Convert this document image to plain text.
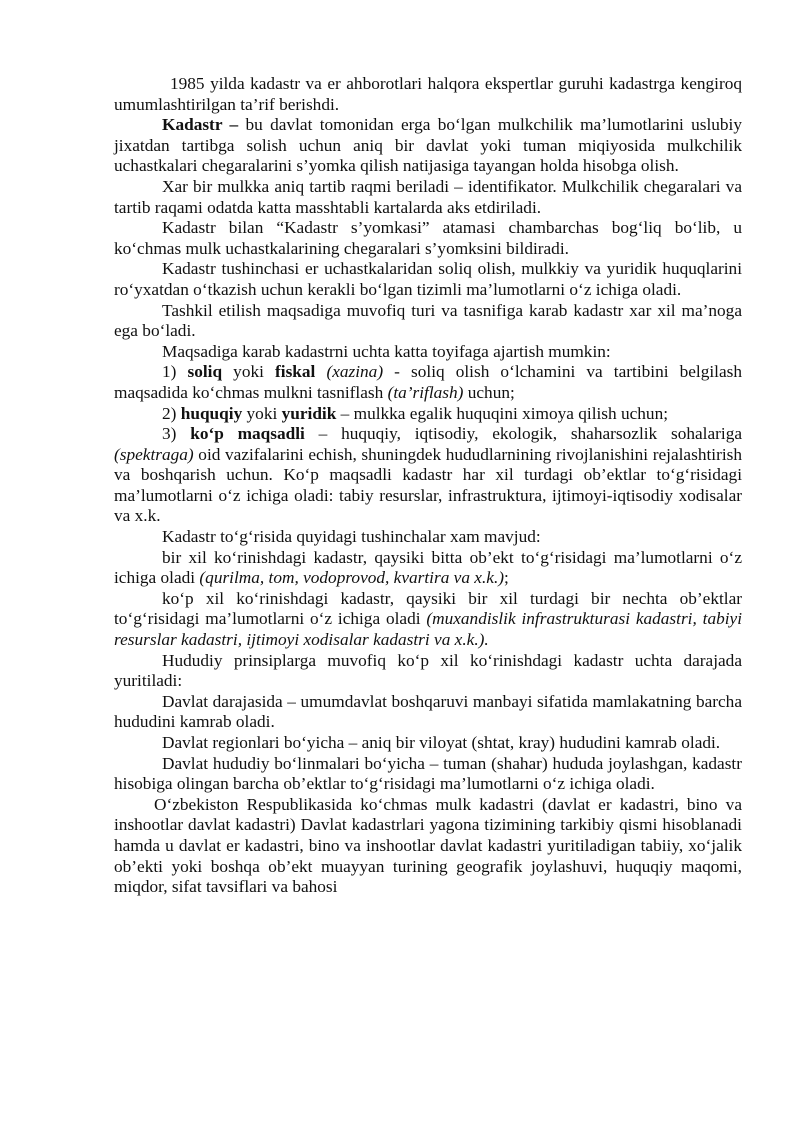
1985 yilda kadastr va er ahborotlari halqora ekspertlar guruhi kadastrga kengiroq umumlashtirilgan ta’rif berishdi.

Kadastr – bu davlat tomonidan erga bo‘lgan mulkchilik ma’lumotlarini uslubiy jixatdan tartibga solish uchun aniq bir davlat yoki tuman miqiyosida mulkchilik uchastkalari chegaralarini s’yomka qilish natijasiga tayangan holda hisobga olish.

Xar bir mulkka aniq tartib raqmi beriladi – identifikator. Mulkchilik chegaralari va tartib raqami odatda katta masshtabli kartalarda aks etdiriladi.

Kadastr bilan “Kadastr s’yomkasi” atamasi chambarchas bog‘liq bo‘lib, u ko‘chmas mulk uchastkalarining chegaralari s’yomksini bildiradi.

Kadastr tushinchasi er uchastkalaridan soliq olish, mulkkiy va yuridik huquqlarini ro‘yxatdan o‘tkazish uchun kerakli bo‘lgan tizimli ma’lumotlarni o‘z ichiga oladi.

Tashkil etilish maqsadiga muvofiq turi va tasnifiga karab kadastr xar xil ma’noga ega bo‘ladi.

Maqsadiga karab kadastrni uchta katta toyifaga ajartish mumkin:

1) soliq yoki fiskal (xazina) - soliq olish o‘lchamini va tartibini belgilash maqsadida ko‘chmas mulkni tasniflash (ta’riflash) uchun;

2) huquqiy yoki yuridik – mulkka egalik huquqini ximoya qilish uchun;

3) ko‘p maqsadli – huquqiy, iqtisodiy, ekologik, shaharsozlik sohalariga (spektraga) oid vazifalarini echish, shuningdek hududlarnining rivojlanishini rejalashtirish va boshqarish uchun. Ko‘p maqsadli kadastr har xil turdagi ob’ektlar to‘g‘risidagi ma’lumotlarni o‘z ichiga oladi: tabiy resurslar, infrastruktura, ijtimoyi-iqtisodiy xodisalar va x.k.

Kadastr to‘g‘risida quyidagi tushinchalar xam mavjud:

bir xil ko‘rinishdagi kadastr, qaysiki bitta ob’ekt to‘g‘risidagi ma’lumotlarni o‘z ichiga oladi (qurilma, tom, vodoprovod, kvartira va x.k.);

ko‘p xil ko‘rinishdagi kadastr, qaysiki bir xil turdagi bir nechta ob’ektlar to‘g‘risidagi ma’lumotlarni o‘z ichiga oladi (muxandislik infrastrukturasi kadastri, tabiyi resurslar kadastri, ijtimoyi xodisalar kadastri va x.k.).

Hududiy prinsiplarga muvofiq ko‘p xil ko‘rinishdagi kadastr uchta darajada yuritiladi:

Davlat darajasida – umumdavlat boshqaruvi manbayi sifatida mamlakatning barcha hududini kamrab oladi.

Davlat regionlari bo‘yicha – aniq bir viloyat (shtat, kray) hududini kamrab oladi.

Davlat hududiy bo‘linmalari bo‘yicha – tuman (shahar) hududa joylashgan, kadastr hisobiga olingan barcha ob’ektlar to‘g‘risidagi ma’lumotlarni o‘z ichiga oladi.

O‘zbekiston Respublikasida ko‘chmas mulk kadastri (davlat er kadastri, bino va inshootlar davlat kadastri) Davlat kadastrlari yagona tizimining tarkibiy qismi hisoblanadi hamda u davlat er kadastri, bino va inshootlar davlat kadastri yuritiladigan tabiiy, xo‘jalik ob’ekti yoki boshqa ob’ekt muayyan turining geografik joylashuvi, huquqiy maqomi, miqdor, sifat tavsiflari va bahosi
